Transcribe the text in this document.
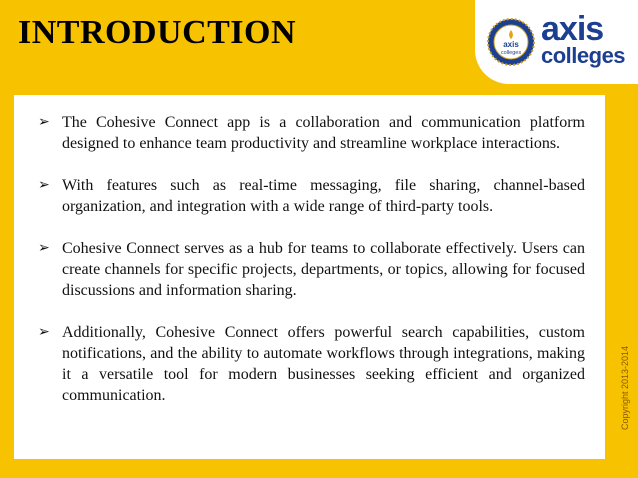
INTRODUCTION	axis
colleges
axis
colleges
➢ The Cohesive Connect app is a collaboration and communication platform designed to enhance team productivity and streamline workplace interactions.
➢ With features such as real-time messaging, file sharing, channel-based organization, and integration with a wide range of third-party tools.
➢ Cohesive Connect serves as a hub for teams to collaborate effectively. Users can create channels for specific projects, departments, or topics, allowing for focused discussions and information sharing.
➢ Additionally, Cohesive Connect offers powerful search capabilities, custom notifications, and the ability to automate workflows through integrations, making it a versatile tool for modern businesses seeking efficient and organized communication.	Copyright 2013-2014
